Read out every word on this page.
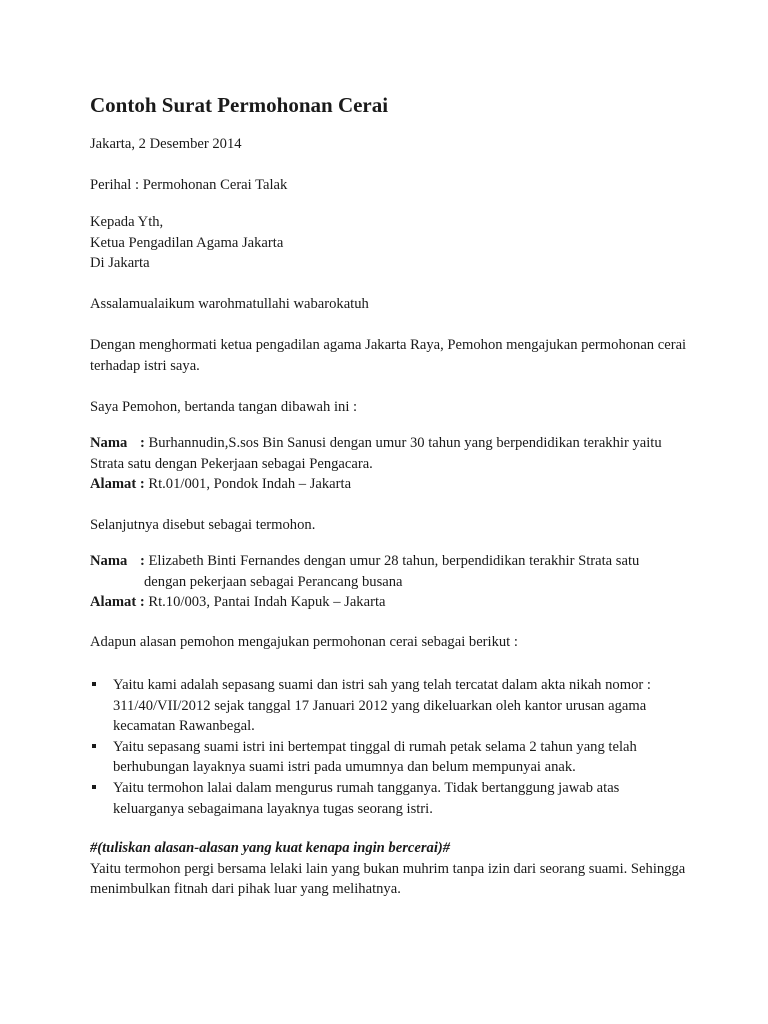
Contoh Surat Permohonan Cerai

Jakarta, 2 Desember 2014

Perihal : Permohonan Cerai Talak

Kepada Yth,
Ketua Pengadilan Agama Jakarta
Di Jakarta

Assalamualaikum warohmatullahi wabarokatuh

Dengan menghormati ketua pengadilan agama Jakarta Raya, Pemohon mengajukan permohonan cerai terhadap istri saya.

Saya Pemohon, bertanda tangan dibawah ini :

Nama : Burhannudin,S.sos Bin Sanusi dengan umur 30 tahun yang berpendidikan terakhir yaitu Strata satu dengan Pekerjaan sebagai Pengacara.
Alamat : Rt.01/001, Pondok Indah – Jakarta

Selanjutnya disebut sebagai termohon.

Nama : Elizabeth Binti Fernandes dengan umur 28 tahun, berpendidikan terakhir Strata satu
dengan pekerjaan sebagai Perancang busana
Alamat : Rt.10/003, Pantai Indah Kapuk – Jakarta

Adapun alasan pemohon mengajukan permohonan cerai sebagai berikut :

Yaitu kami adalah sepasang suami dan istri sah yang telah tercatat dalam akta nikah nomor : 311/40/VII/2012 sejak tanggal 17 Januari 2012 yang dikeluarkan oleh kantor urusan agama kecamatan Rawanbegal.
Yaitu sepasang suami istri ini bertempat tinggal di rumah petak selama 2 tahun yang telah berhubungan layaknya suami istri pada umumnya dan belum mempunyai anak.
Yaitu termohon lalai dalam mengurus rumah tangganya. Tidak bertanggung jawab atas keluarganya sebagaimana layaknya tugas seorang istri.
#(tuliskan alasan-alasan yang kuat kenapa ingin bercerai)#
Yaitu termohon pergi bersama lelaki lain yang bukan muhrim tanpa izin dari seorang suami. Sehingga menimbulkan fitnah dari pihak luar yang melihatnya.
